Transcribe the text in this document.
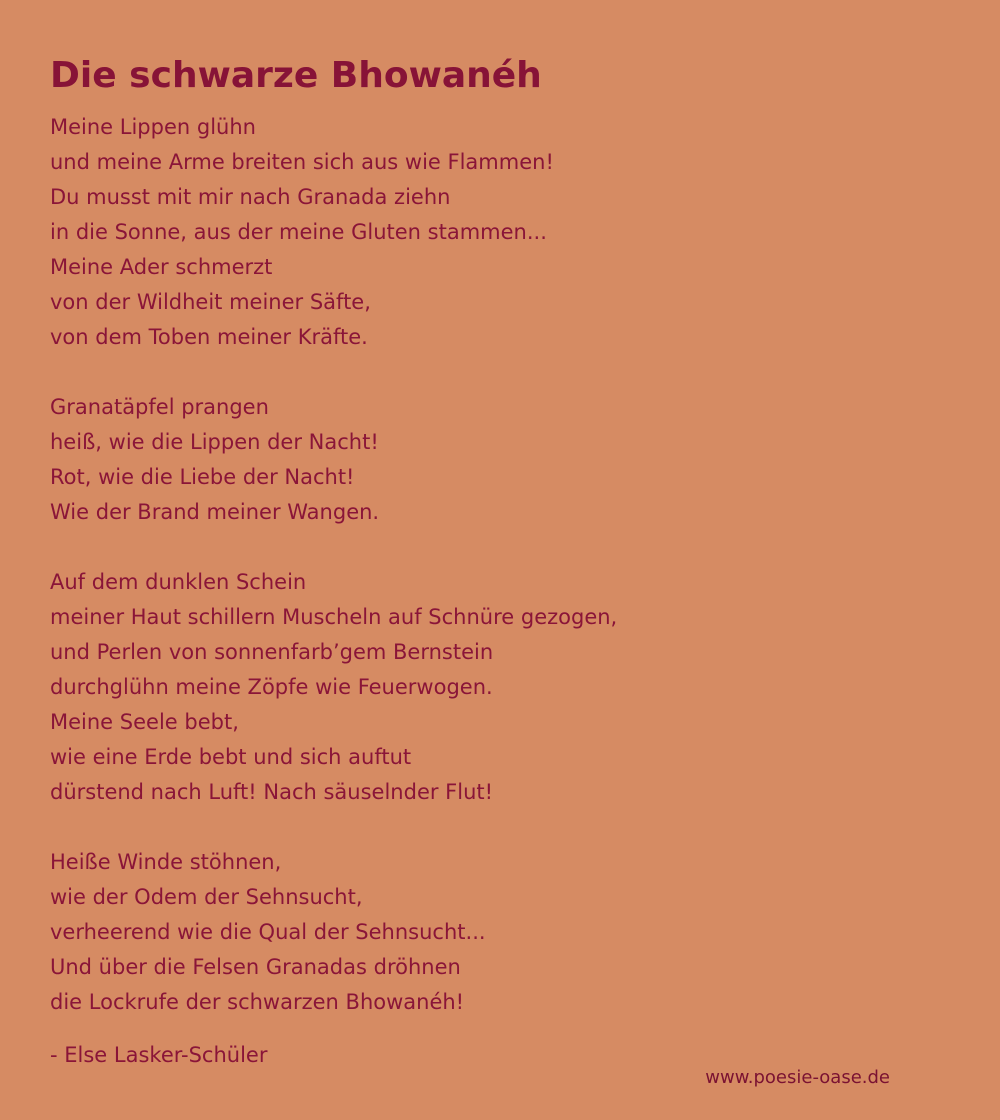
Die schwarze Bhowanéh
Meine Lippen glühn
und meine Arme breiten sich aus wie Flammen!
Du musst mit mir nach Granada ziehn
in die Sonne, aus der meine Gluten stammen...
Meine Ader schmerzt
von der Wildheit meiner Säfte,
von dem Toben meiner Kräfte.
Granatäpfel prangen
heiß, wie die Lippen der Nacht!
Rot, wie die Liebe der Nacht!
Wie der Brand meiner Wangen.
Auf dem dunklen Schein
meiner Haut schillern Muscheln auf Schnüre gezogen,
und Perlen von sonnenfarb’gem Bernstein
durchglühn meine Zöpfe wie Feuerwogen.
Meine Seele bebt,
wie eine Erde bebt und sich auftut
dürstend nach Luft! Nach säuselnder Flut!
Heiße Winde stöhnen,
wie der Odem der Sehnsucht,
verheerend wie die Qual der Sehnsucht...
Und über die Felsen Granadas dröhnen
die Lockrufe der schwarzen Bhowanéh!
- Else Lasker-Schüler
www.poesie-oase.de
